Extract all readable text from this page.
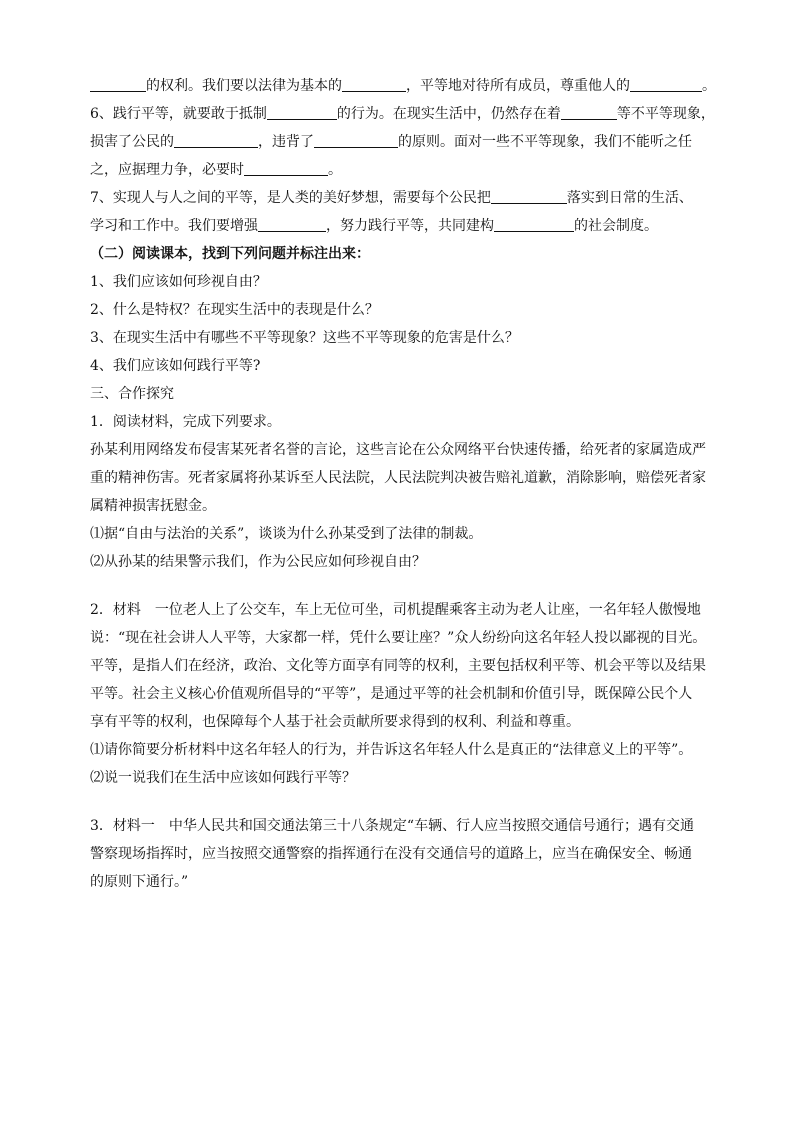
的权利。我们要以法律为基本的	，平等地对待所有成员，尊重他人的	。
6、践行平等，就要敢于抵制	的行为。在现实生活中，仍然存在着	等不平等现象，
损害了公民的	，违背了	的原则。面对一些不平等现象，我们不能听之任
之，应据理力争，必要时	。
7、实现人与人之间的平等，是人类的美好梦想，需要每个公民把	落实到日常的生活、
学习和工作中。我们要增强	，努力践行平等，共同建构	的社会制度。
（二）阅读课本，找到下列问题并标注出来：
1、我们应该如何珍视自由？
2、什么是特权？在现实生活中的表现是什么？
3、在现实生活中有哪些不平等现象？这些不平等现象的危害是什么？
4、我们应该如何践行平等?
三、合作探究
1．阅读材料，完成下列要求。
孙某利用网络发布侵害某死者名誉的言论，这些言论在公众网络平台快速传播，给死者的家属造成严
重的精神伤害。死者家属将孙某诉至人民法院，人民法院判决被告赔礼道歉，消除影响，赔偿死者家
属精神损害抚慰金。
⑴据“自由与法治的关系”，谈谈为什么孙某受到了法律的制裁。
⑵从孙某的结果警示我们，作为公民应如何珍视自由？
2．材料　一位老人上了公交车，车上无位可坐，司机提醒乘客主动为老人让座，一名年轻人傲慢地
说：“现在社会讲人人平等，大家都一样，凭什么要让座？”众人纷纷向这名年轻人投以鄙视的目光。
平等，是指人们在经济，政治、文化等方面享有同等的权利，主要包括权利平等、机会平等以及结果
平等。社会主义核心价值观所倡导的“平等”，是通过平等的社会机制和价值引导，既保障公民个人
享有平等的权利，也保障每个人基于社会贡献所要求得到的权利、利益和尊重。
⑴请你简要分析材料中这名年轻人的行为，并告诉这名年轻人什么是真正的“法律意义上的平等”。
⑵说一说我们在生活中应该如何践行平等？
3．材料一　中华人民共和国交通法第三十八条规定“车辆、行人应当按照交通信号通行；遇有交通
警察现场指挥时，应当按照交通警察的指挥通行在没有交通信号的道路上，应当在确保安全、畅通
的原则下通行。”
